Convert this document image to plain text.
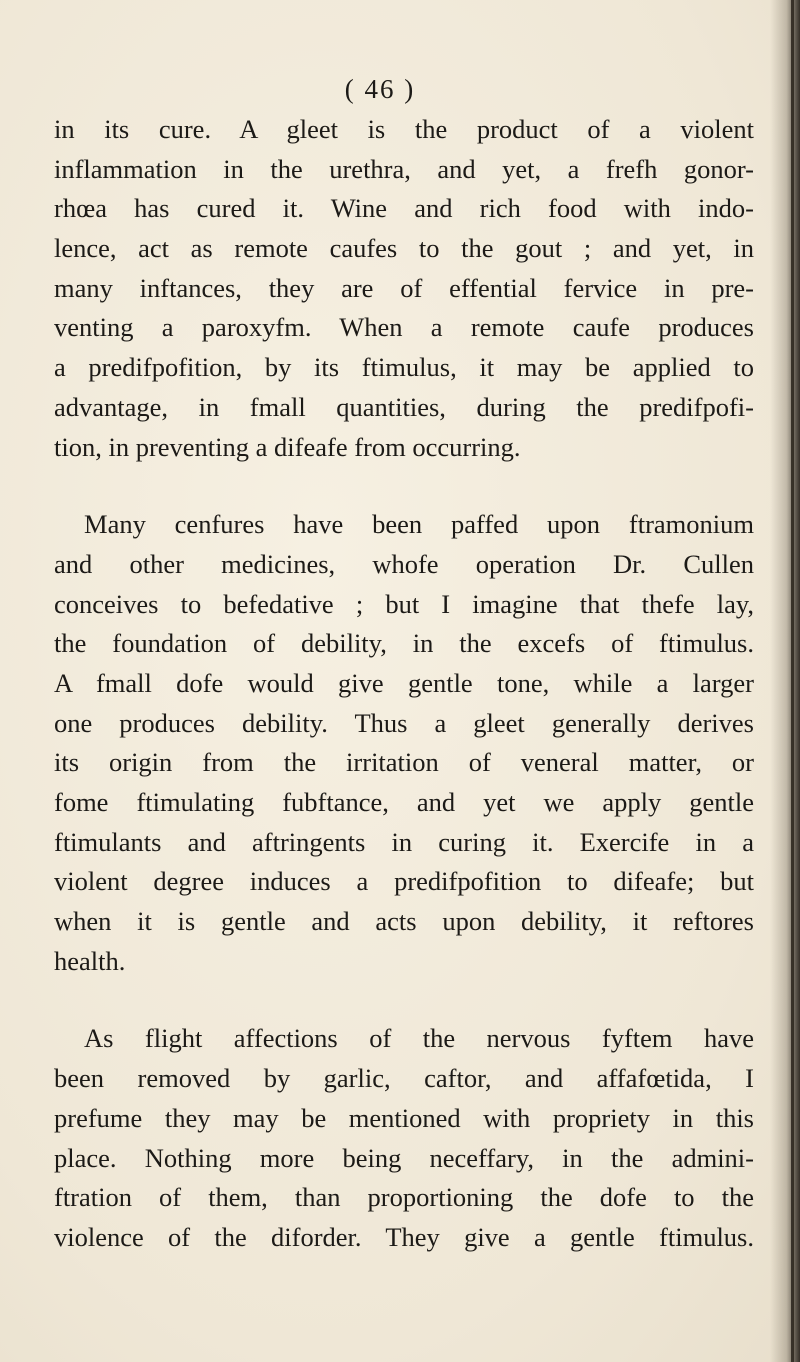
( 46 )
in its cure. A gleet is the product of a violent
inflammation in the urethra, and yet, a frefh gonor-
rhœa has cured it. Wine and rich food with indo-
lence, act as remote caufes to the gout ; and yet, in
many inftances, they are of effential fervice in pre-
venting a paroxyfm. When a remote caufe produces
a predifpofition, by its ftimulus, it may be applied to
advantage, in fmall quantities, during the predifpofi-
tion, in preventing a difeafe from occurring.
Many cenfures have been paffed upon ftramonium
and other medicines, whofe operation Dr. Cullen
conceives to befedative ; but I imagine that thefe lay,
the foundation of debility, in the excefs of ftimulus.
A fmall dofe would give gentle tone, while a larger
one produces debility. Thus a gleet generally derives
its origin from the irritation of veneral matter, or
fome ftimulating fubftance, and yet we apply gentle
ftimulants and aftringents in curing it. Exercife in a
violent degree induces a predifpofition to difeafe; but
when it is gentle and acts upon debility, it reftores
health.
As flight affections of the nervous fyftem have
been removed by garlic, caftor, and affafœtida, I
prefume they may be mentioned with propriety in this
place. Nothing more being neceffary, in the admini-
ftration of them, than proportioning the dofe to the
violence of the diforder. They give a gentle ftimulus.
